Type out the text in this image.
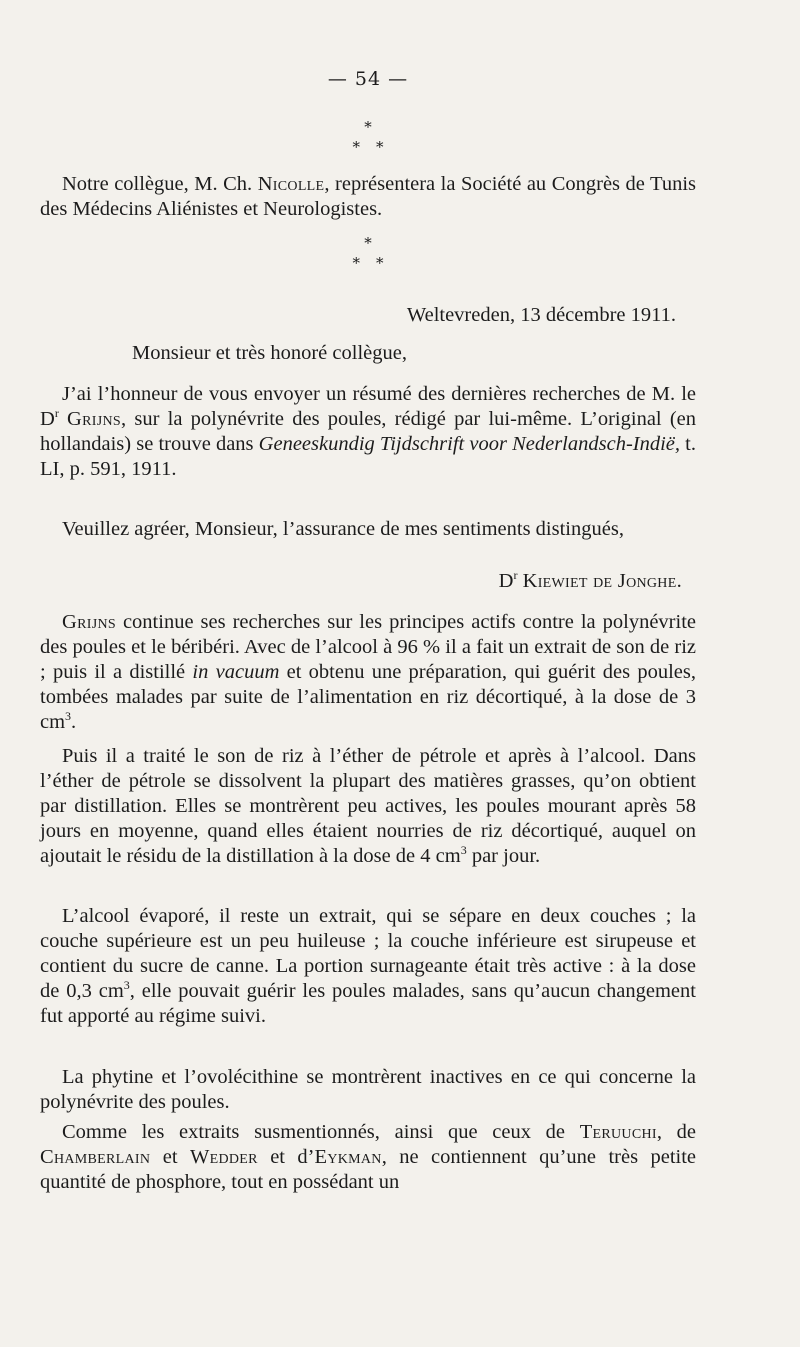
— 54 —
*
* *

Notre collègue, M. Ch. Nicolle, représentera la Société au Congrès de Tunis des Médecins Aliénistes et Neurologistes.

*
* *

Weltevreden, 13 décembre 1911.

Monsieur et très honoré collègue,

J’ai l’honneur de vous envoyer un résumé des dernières recherches de M. le $D^r$ Grijns, sur la polynévrite des poules, rédigé par lui-même. L’original (en hollandais) se trouve dans Geneeskundig Tijdschrift voor Nederlandsch-Indië, t. LI, p. 591, 1911.

Veuillez agréer, Monsieur, l’assurance de mes sentiments distingués,

$D^r$ Kiewiet de Jonghe.

Grijns continue ses recherches sur les principes actifs contre la polynévrite des poules et le béribéri. Avec de l’alcool à 96 % il a fait un extrait de son de riz ; puis il a distillé in vacuum et obtenu une préparation, qui guérit des poules, tombées malades par suite de l’alimentation en riz décortiqué, à la dose de 3 $cm^3$.

Puis il a traité le son de riz à l’éther de pétrole et après à l’alcool. Dans l’éther de pétrole se dissolvent la plupart des matières grasses, qu’on obtient par distillation. Elles se montrèrent peu actives, les poules mourant après 58 jours en moyenne, quand elles étaient nourries de riz décortiqué, auquel on ajoutait le résidu de la distillation à la dose de 4 $cm^3$ par jour.

L’alcool évaporé, il reste un extrait, qui se sépare en deux couches ; la couche supérieure est un peu huileuse ; la couche inférieure est sirupeuse et contient du sucre de canne. La portion surnageante était très active : à la dose de 0,3 $cm^3$, elle pouvait guérir les poules malades, sans qu’aucun changement fut apporté au régime suivi.

La phytine et l’ovolécithine se montrèrent inactives en ce qui concerne la polynévrite des poules.

Comme les extraits susmentionnés, ainsi que ceux de Teruuchi, de Chamberlain et Wedder et d’Eykman, ne contiennent qu’une très petite quantité de phosphore, tout en possédant un
